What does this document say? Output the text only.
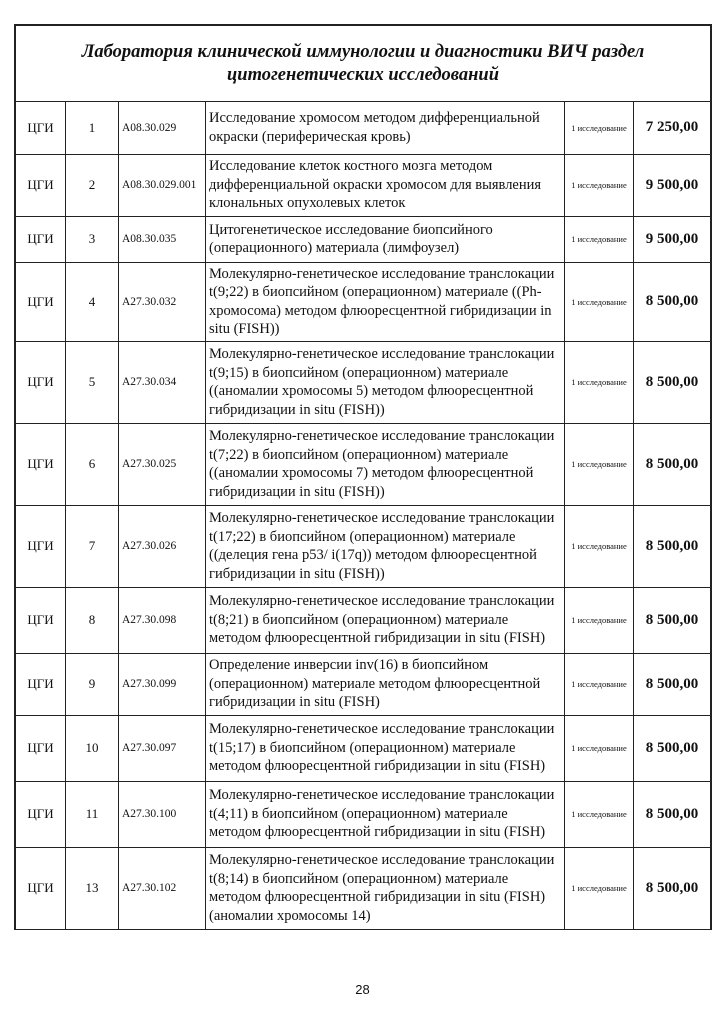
Лаборатория клинической иммунологии и диагностики ВИЧ раздел цитогенетических исследований
ЦГИ	1	A08.30.029	Исследование хромосом методом дифференциальной окраски (периферическая кровь)	1 исследование	7 250,00
ЦГИ	2	A08.30.029.001	Исследование клеток костного мозга методом дифференциальной окраски хромосом для выявления клональных опухолевых клеток	1 исследование	9 500,00
ЦГИ	3	A08.30.035	Цитогенетическое исследование биопсийного (операционного) материала (лимфоузел)	1 исследование	9 500,00
ЦГИ	4	A27.30.032	Молекулярно-генетическое исследование транслокации t(9;22) в биопсийном (операционном) материале ((Ph-хромосома) методом флюоресцентной гибридизации in situ (FISH))	1 исследование	8 500,00
ЦГИ	5	A27.30.034	Молекулярно-генетическое исследование транслокации t(9;15) в биопсийном (операционном) материале ((аномалии хромосомы 5) методом флюоресцентной гибридизации in situ (FISH))	1 исследование	8 500,00
ЦГИ	6	A27.30.025	Молекулярно-генетическое исследование транслокации t(7;22) в биопсийном (операционном) материале ((аномалии хромосомы 7) методом флюоресцентной гибридизации in situ (FISH))	1 исследование	8 500,00
ЦГИ	7	A27.30.026	Молекулярно-генетическое исследование транслокации t(17;22) в биопсийном (операционном) материале ((делеция гена p53/ i(17q)) методом флюоресцентной гибридизации in situ (FISH))	1 исследование	8 500,00
ЦГИ	8	A27.30.098	Молекулярно-генетическое исследование транслокации t(8;21) в биопсийном (операционном) материале методом флюоресцентной гибридизации in situ (FISH)	1 исследование	8 500,00
ЦГИ	9	A27.30.099	Определение инверсии inv(16) в биопсийном (операционном) материале методом флюоресцентной гибридизации in situ (FISH)	1 исследование	8 500,00
ЦГИ	10	A27.30.097	Молекулярно-генетическое исследование транслокации t(15;17) в биопсийном (операционном) материале методом флюоресцентной гибридизации in situ (FISH)	1 исследование	8 500,00
ЦГИ	11	A27.30.100	Молекулярно-генетическое исследование транслокации t(4;11) в биопсийном (операционном) материале методом флюоресцентной гибридизации in situ (FISH)	1 исследование	8 500,00
ЦГИ	13	A27.30.102	Молекулярно-генетическое исследование транслокации t(8;14) в биопсийном (операционном) материале методом флюоресцентной гибридизации in situ (FISH) (аномалии хромосомы 14)	1 исследование	8 500,00
28
